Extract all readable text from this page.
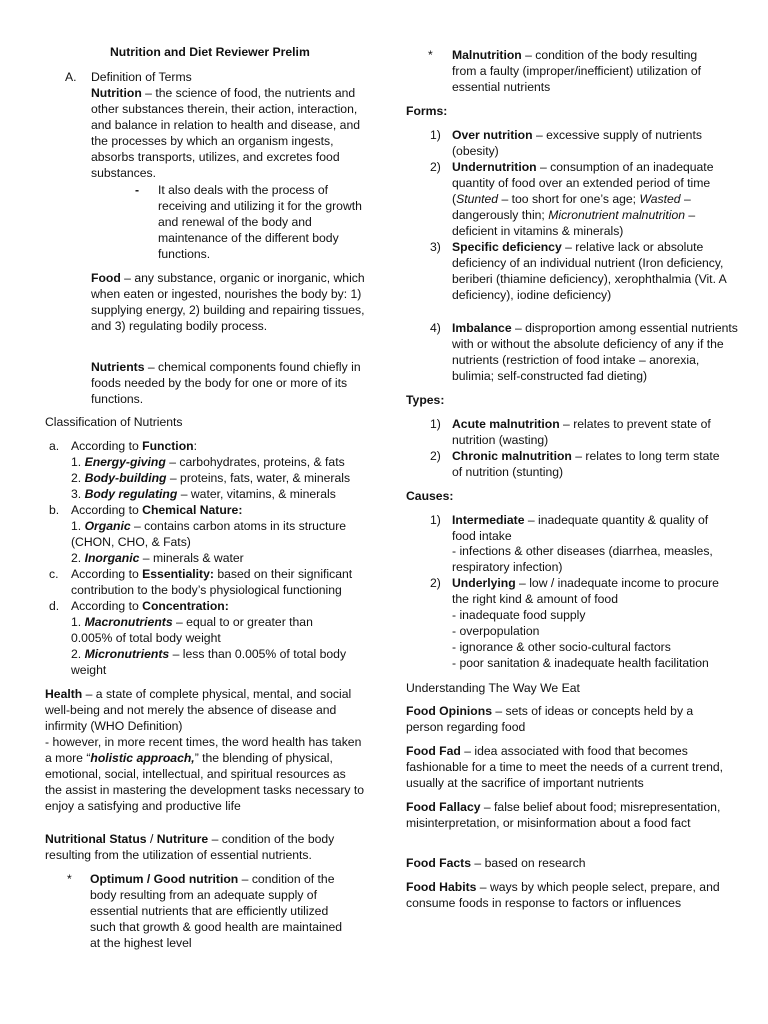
Nutrition and Diet Reviewer Prelim
A. Definition of Terms

Nutrition – the science of food, the nutrients and other substances therein, their action, interaction, and balance in relation to health and disease, and the processes by which an organism ingests, absorbs transports, utilizes, and excretes food substances.

- It also deals with the process of receiving and utilizing it for the growth and renewal of the body and maintenance of the different body functions.

Food – any substance, organic or inorganic, which when eaten or ingested, nourishes the body by: 1) supplying energy, 2) building and repairing tissues, and 3) regulating bodily process.

Nutrients – chemical components found chiefly in foods needed by the body for one or more of its functions.

Classification of Nutrients
a. According to Function:
1. Energy-giving – carbohydrates, proteins, & fats
2. Body-building – proteins, fats, water, & minerals
3. Body regulating – water, vitamins, & minerals
b. According to Chemical Nature:
1. Organic – contains carbon atoms in its structure
(CHON, CHO, & Fats)
2. Inorganic – minerals & water
c. According to Essentiality: based on their significant
contribution to the body’s physiological functioning
d. According to Concentration:
1. Macronutrients – equal to or greater than
0.005% of total body weight
2. Micronutrients – less than 0.005% of total body
weight

Health – a state of complete physical, mental, and social well-being and not merely the absence of disease and infirmity (WHO Definition)

- however, in more recent times, the word health has taken a more “holistic approach,” the blending of physical, emotional, social, intellectual, and spiritual resources as the assist in mastering the development tasks necessary to enjoy a satisfying and productive life

Nutritional Status / Nutriture – condition of the body resulting from the utilization of essential nutrients.

* Optimum / Good nutrition – condition of the body resulting from an adequate supply of essential nutrients that are efficiently utilized such that growth & good health are maintained at the highest level

* Malnutrition – condition of the body resulting from a faulty (improper/inefficient) utilization of essential nutrients

Forms:
1) Over nutrition – excessive supply of nutrients (obesity)

2) Undernutrition – consumption of an inadequate quantity of food over an extended period of time (Stunted – too short for one’s age; Wasted – dangerously thin; Micronutrient malnutrition – deficient in vitamins & minerals)

3) Specific deficiency – relative lack or absolute deficiency of an individual nutrient (Iron deficiency, beriberi (thiamine deficiency), xerophthalmia (Vit. A deficiency), iodine deficiency)

4) Imbalance – disproportion among essential nutrients with or without the absolute deficiency of any if the nutrients (restriction of food intake – anorexia, bulimia; self-constructed fad dieting)

Types:
1) Acute malnutrition – relates to prevent state of nutrition (wasting)

2) Chronic malnutrition – relates to long term state of nutrition (stunting)

Causes:
1) Intermediate – inadequate quantity & quality of food intake

- infections & other diseases (diarrhea, measles, respiratory infection)

2) Underlying – low / inadequate income to procure the right kind & amount of food

- inadequate food supply
- overpopulation
- ignorance & other socio-cultural factors
- poor sanitation & inadequate health facilitation
Understanding The Way We Eat

Food Opinions – sets of ideas or concepts held by a person regarding food

Food Fad – idea associated with food that becomes fashionable for a time to meet the needs of a current trend, usually at the sacrifice of important nutrients

Food Fallacy – false belief about food; misrepresentation, misinterpretation, or misinformation about a food fact

Food Facts – based on research

Food Habits – ways by which people select, prepare, and consume foods in response to factors or influences
